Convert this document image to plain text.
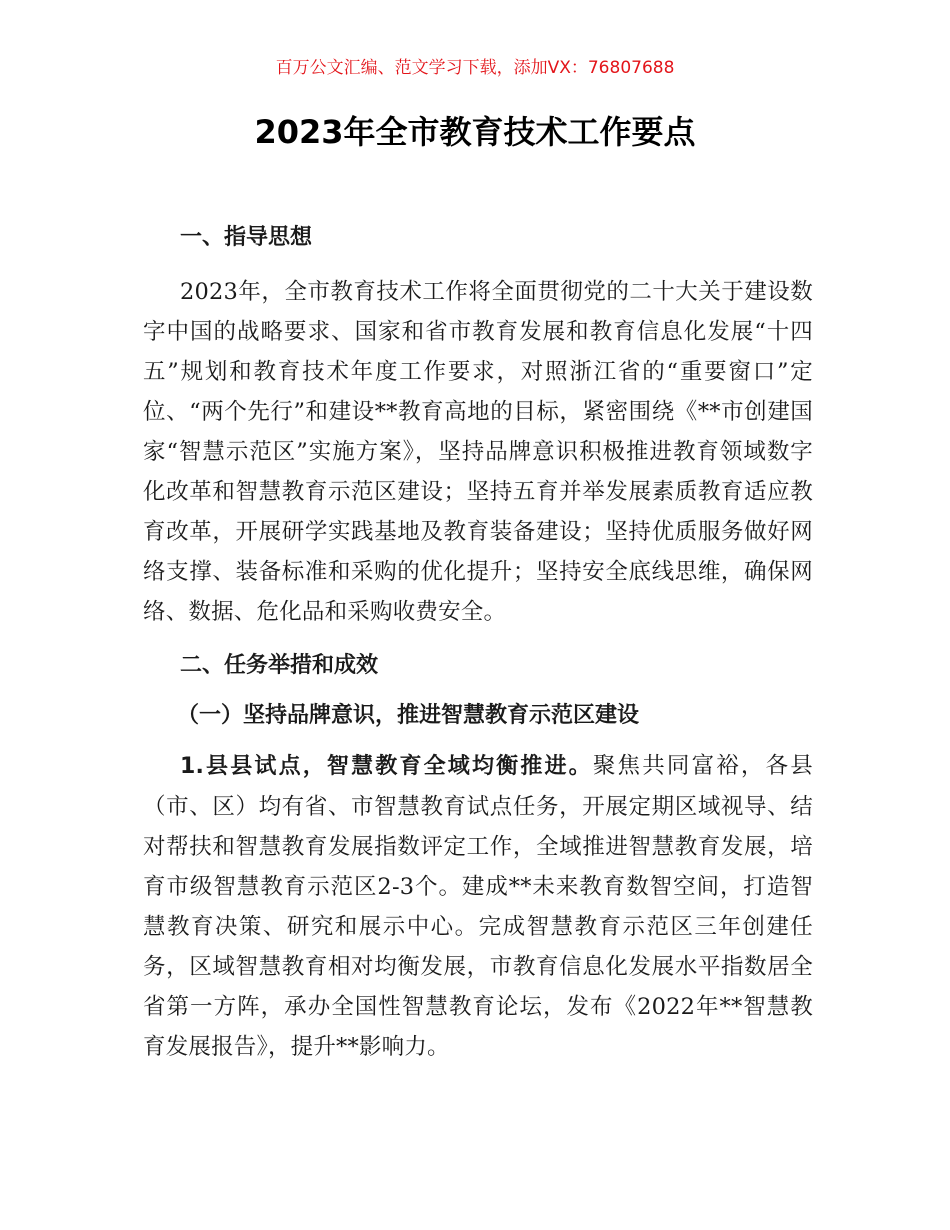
百万公文汇编、范文学习下载，添加VX：76807688
2023年全市教育技术工作要点
一、指导思想

2023年，全市教育技术工作将全面贯彻党的二十大关于建设数字中国的战略要求、国家和省市教育发展和教育信息化发展“十四五”规划和教育技术年度工作要求，对照浙江省的“重要窗口”定位、“两个先行”和建设**教育高地的目标，紧密围绕《**市创建国家“智慧示范区”实施方案》，坚持品牌意识积极推进教育领域数字化改革和智慧教育示范区建设；坚持五育并举发展素质教育适应教育改革，开展研学实践基地及教育装备建设；坚持优质服务做好网络支撑、装备标准和采购的优化提升；坚持安全底线思维，确保网络、数据、危化品和采购收费安全。

二、任务举措和成效
（一）坚持品牌意识，推进智慧教育示范区建设

1.县县试点，智慧教育全域均衡推进。聚焦共同富裕，各县（市、区）均有省、市智慧教育试点任务，开展定期区域视导、结对帮扶和智慧教育发展指数评定工作，全域推进智慧教育发展，培育市级智慧教育示范区2-3个。建成**未来教育数智空间，打造智慧教育决策、研究和展示中心。完成智慧教育示范区三年创建任务，区域智慧教育相对均衡发展，市教育信息化发展水平指数居全省第一方阵，承办全国性智慧教育论坛，发布《2022年**智慧教育发展报告》，提升**影响力。
